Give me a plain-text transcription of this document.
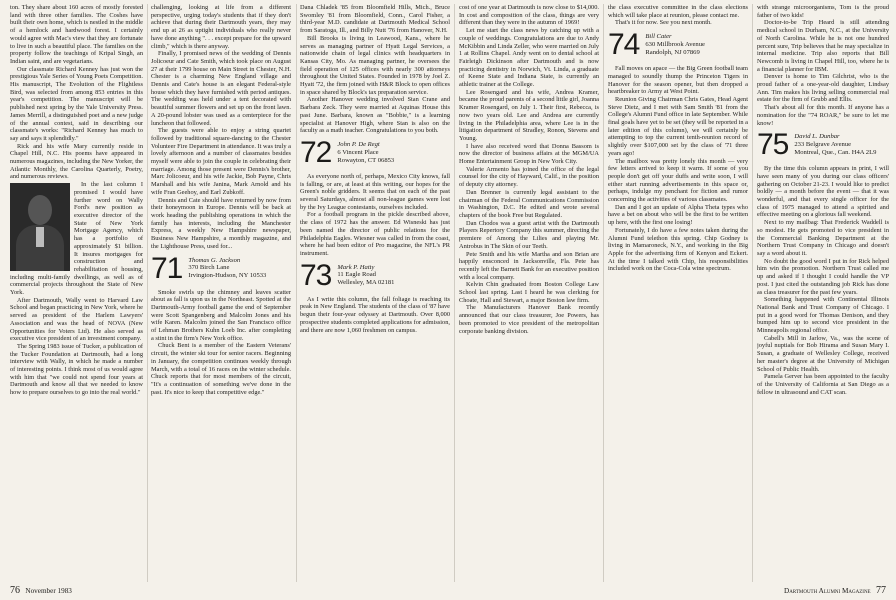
ton. They share about 160 acres of mostly forested land with three other families. The Coshes have built their own home, which is nestled in the middle of a hemlock and hardwood forest. I certainly would agree with Mac's view that they are fortunate to live in such a beautiful place. The families on the property follow the teachings of Kripal Singh, an Indian saint, and are vegetarians.

Our classmate Richard Kenney has just won the prestigious Yale Series of Young Poets Competition. His manuscript, The Evolution of the Flightless Bird, was selected from among 853 entries in this year's competition. The manuscript will be published next spring by the Yale University Press. James Merrill, a distinguished poet and a new judge of the annual contest, said in describing our classmate's works: "Richard Kenney has much to say and says it splendidly."

Rick and his wife Mary currently reside in Chapel Hill, N.C. His poems have appeared in numerous magazines, including the New Yorker, the Atlantic Monthly, the Carolina Quarterly, Poetry, and numerous reviews.

In the last column I promised I would have further word on Wally Ford's new position as executive director of the State of New York Mortgage Agency, which has a portfolio of approximately $1 billion. It insures mortgages for construction and rehabilitation of housing, including multi-family dwellings, as well as of commercial projects throughout the State of New York.

After Dartmouth, Wally went to Harvard Law School and began practicing in New York, where he served as president of the Harlem Lawyers' Association and was the head of NOVA (New Opportunities for Voters Ltd). He also served as executive vice president of an investment company.

The Spring 1983 issue of Tucker, a publication of the Tucker Foundation at Dartmouth, had a long interview with Wally, in which he made a number of interesting points. I think most of us would agree with him that "we could not spend four years at Dartmouth and know all that we needed to know how to prepare ourselves to go into the real world."

challenging, looking at life from a different perspective, urging today's students that if they don't achieve that during their Dartmouth years, they may end up at 26 as uptight individuals who really never have done anything ". . . except prepare for the upward climb," which is there anyway.

Finally, I promised news of the wedding of Dennis Jolicoeur and Cate Smith, which took place on August 27 at their 1799 house on Main Street in Chester, N.H. Chester is a charming New England village and Dennis and Cate's house is an elegant Federal-style house which they have furnished with period antiques. The wedding was held under a tent decorated with beautiful summer flowers and set up on the front lawn. A 20-pound lobster was used as a centerpiece for the luncheon that followed.

The guests were able to enjoy a string quartet followed by traditional square-dancing to the Chester Volunteer Fire Department in attendance. It was truly a lovely afternoon and a number of classmates besides myself were able to join the couple in celebrating their marriage. Among those present were Dennis's brother, Marc Jolicoeur, and his wife Jackie, Bob Payne, Chris Marshall and his wife Janina, Mark Arnold and his wife Fran Geehoy, and Earl Zubkoff.

Dennis and Cate should have returned by now from their honeymoon in Europe. Dennis will be back at work heading the publishing operations in which the family has interests, including the Manchester Express, a weekly New Hampshire newspaper, Business New Hampshire, a monthly magazine, and the Lighthouse Press, used for...

71 Thomas G. Jackson
370 Birch Lane
Irvington-Hudson, NY 10533

Smoke swirls up the chimney and leaves scatter about as fall is upon us in the Northeast. Spotted at the Dartmouth-Army football game the end of September were Scott Spangenberg and Malcolm Jones and his wife Karen. Malcolm joined the San Francisco office of Lehman Brothers Kuhn Loeb Inc. after completing a stint in the firm's New York office.

Chuck Bent is a member of the Eastern Veterans' circuit, the winter ski tour for senior racers. Beginning in January, the competition continues weekly through March, with a total of 16 races on the winter schedule. Chuck reports that for most members of the circuit, "It's a continuation of something we've done in the past. It's nice to keep that competitive edge."

Dana Chladek '85 from Bloomfield Hills, Mich., Bruce Swomley '81 from Bloomfield, Conn., Carol Fisher, a third-year M.D. candidate at Dartmouth Medical School from Saratoga, Ill., and Billy Nutt '76 from Hanover, N.H.

Bill Brooks is living in Leawood, Kans., where he serves as managing partner of Hyatt Legal Services, a nationwide chain of legal clinics with headquarters in Kansas City, Mo. As managing partner, he oversees the field operation of 125 offices with nearly 300 attorneys throughout the United States. Founded in 1978 by Joel Z. Hyatt '72, the firm joined with H&R Block to open offices in space shared by Block's tax preparation service.

Another Hanover wedding involved Stan Crane and Barbara Zeck. They were married at Aquinas House this past June. Barbara, known as "Bobbie," is a learning specialist at Hanover High, where Stan is also on the faculty as a math teacher. Congratulations to you both.

72 John P. De Regt
6 Vincent Place
Rowayton, CT 06853

As everyone north of, perhaps, Mexico City knows, fall is falling, or are, at least at this writing, our hopes for the Green's noble gridders. It seems that on each of the past several Saturdays, almost all non-league games were lost by the Ivy League contestants, ourselves included.

For a football program in the pickle described above, the class of 1972 has the answer. Ed Wisneski has just been named the director of public relations for the Philadelphia Eagles. Wiesner was called in from the coast, where he had been editor of Pro magazine, the NFL's PR instrument.

73 Mark P. Hatty
11 Eagle Road
Wellesley, MA 02181

As I write this column, the fall foliage is reaching its peak in New England. The students of the class of '87 have begun their four-year odyssey at Dartmouth. Over 8,000 prospective students completed applications for admission, and there are now 1,060 freshmen on campus.

76 November 1983

cost of one year at Dartmouth is now close to $14,000. In cost and composition of the class, things are very different than they were in the autumn of 1969!

Let me start the class news by catching up with a couple of weddings. Congratulations are due to Andy McKibbin and Linda Zeller, who were married on July 1 at Rollins Chapel. Andy went on to dental school at Fairleigh Dickinson after Dartmouth and is now practicing dentistry in Norwich, Vt. Linda, a graduate of Keene State and Indiana State, is currently an athletic trainer at the College.

Lee Rosengard and his wife, Andrea Kramer, became the proud parents of a second little girl, Joanna Kramer Rosengard, on July 1. Their first, Rebecca, is now two years old. Lee and Andrea are currently living in the Philadelphia area, where Lee is in the litigation department of Stradley, Ronon, Stevens and Young.

I have also received word that Donna Bassom is now the director of business affairs at the MGM/UA Home Entertainment Group in New York City.

Valerie Armento has joined the office of the legal counsel for the city of Hayward, Calif., in the position of deputy city attorney.

Dan Brenner is currently legal assistant to the chairman of the Federal Communications Commission in Washington, D.C. He edited and wrote several chapters of the book Free but Regulated.

Dan Chodos was a guest artist with the Dartmouth Players Repertory Company this summer, directing the premiere of Among the Lilies and playing Mr. Antrobus in The Skin of our Teeth.

Pete Smith and his wife Martha and son Brian are happily ensconced in Jacksonville, Fla. Pete has recently left the Barnett Bank for an executive position with a local company.

Kelvin Chin graduated from Boston College Law School last spring. Last I heard he was clerking for Choate, Hall and Stewart, a major Boston law firm.

The Manufacturers Hanover Bank recently announced that our class treasurer, Joe Powers, has been promoted to vice president of the metropolitan corporate banking division.

the class executive committee in the class elections which will take place at reunion, please contact me.

That's it for now. See you next month.

74 Bill Cater
630 Millbrook Avenue
Randolph, NJ 07869

Fall moves on apace — the Big Green football team managed to soundly thump the Princeton Tigers in Hanover for the season opener, but then dropped a heartbreaker to Army at West Point.

Reunion Giving Chairman Chris Gates, Head Agent Steve Dietz, and I met with Sam Smith '81 from the College's Alumni Fund office in late September. While final goals have yet to be set (they will be reported in a later edition of this column), we will certainly be attempting to top the current tenth-reunion record of slightly over $107,000 set by the class of '71 three years ago!

The mailbox was pretty lonely this month — very few letters arrived to keep it warm. If some of you people don't get off your duffs and write soon, I will either start running advertisements in this space or, perhaps, indulge my penchant for fiction and rumor concerning the activities of various classmates.

Dan and I got an update of Alpha Theta types who have a bet on about who will be the first to be written up here, with the first one losing!

Fortunately, I do have a few notes taken during the Alumni Fund telethon this spring. Chip Godney is living in Mamaroneck, N.Y., and working in the Big Apple for the advertising firm of Kenyon and Eckert. At the time I talked with Chip, his responsibilities included work on the Coca-Cola wine spectrum.

with strange microorganisms, Tom is the proud father of two kids!

Doctor-to-be Trip Heard is still attending medical school in Durham, N.C., at the University of North Carolina. While he is not one hundred percent sure, Trip believes that he may specialize in internal medicine. Trip also reports that Bill Newcomb is living in Chapel Hill, too, where he is a financial planner for IBM.

Denver is home to Tim Gilchrist, who is the proud father of a one-year-old daughter, Lindsay Ann. Tim makes his living selling commercial real estate for the firm of Grubb and Ellis.

That's about all for this month. If anyone has a nomination for the "74 ROAR," be sure to let me know!

75 David L. Dunbar
233 Belgrave Avenue
Montreal, Que., Can. H4A 2L9

By the time this column appears in print, I will have seen many of you during our class officers' gathering on October 21-23. I would like to predict boldly — a month before the event — that it was wonderful, and that every single officer for the class of 1975 managed to attend a spirited and effective meeting on a glorious fall weekend.

Next to my mailbag: That Frederick Waddell is so modest. He gets promoted to vice president in the Commercial Banking Department at the Northern Trust Company in Chicago and doesn't say a word about it.

No doubt the good word I put in for Rick helped him win the promotion. Northern Trust called me up and asked if I thought I could handle the VP post. I just cited the outstanding job Rick has done as class treasurer for the past few years.

Something happened with Continental Illinois National Bank and Trust Company of Chicago. I put in a good word for Thomas Denison, and they bumped him up to second vice president in the Minneapolis regional office.

Cabell's Mill in Jarlow, Va., was the scene of joyful nuptials for Bob Hirama and Susan Mary I. Susan, a graduate of Wellesley College, received her master's degree at the University of Michigan School of Public Health.

Pamela Gerver has been appointed to the faculty of the University of California at San Diego as a fellow in ultrasound and CAT scan.

Dartmouth Alumni Magazine 77
